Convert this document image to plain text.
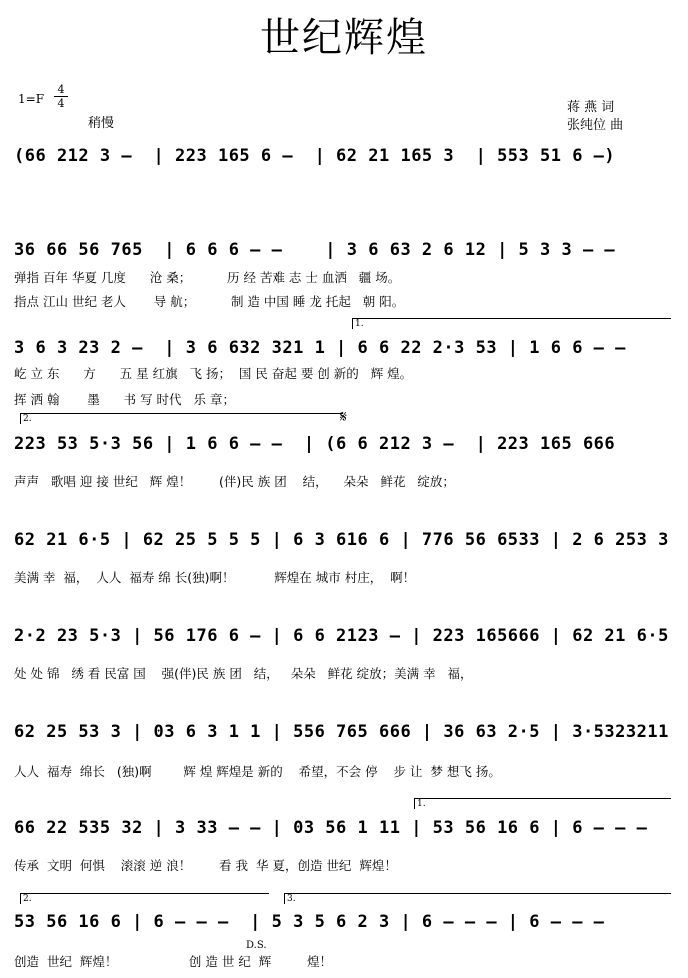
世纪辉煌
1=F
4
4
稍慢
蒋 燕 词
张纯位 曲
(66 212 3 –  | 223 165 6 –  | 62 21 165 3  | 553 51 6 –)
36 66 56 765  | 6 6 6 – –    | 3 6 63 2 6 12 | 5 3 3 – –
弹指 百年 华夏 几度      沧 桑；         历 经 苦难 志 士 血洒   疆 场。
指点 江山 世纪 老人       导 航；         制 造 中国 睡 龙 托起   朝 阳。
1.
3 6 3 23 2 –  | 3 6 632 321 1 | 6 6 22 2·3 53 | 1 6 6 – –
屹 立 东      方      五 星 红旗   飞 扬；  国 民 奋起 要 创 新的   辉 煌。
挥 洒 翰       墨      书 写 时代   乐 章；
2.	𝄋
223 53 5·3 56 | 1 6 6 – –  | (6 6 212 3 –  | 223 165 666
声声   歌唱 迎 接 世纪   辉 煌！       (伴)民 族 团    结，    朵朵   鲜花   绽放；
62 21 6·5 | 62 25 5 5 5 | 6 3 616 6 | 776 56 6533 | 2 6 253 3
美满 幸  福，  人人  福寿 绵 长(独)啊！          辉煌在 城市 村庄，  啊！
2·2 23 5·3 | 56 176 6 – | 6 6 2123 – | 223 165666 | 62 21 6·5
处 处 锦   绣 看 民富 国    强(伴)民 族 团   结，   朵朵   鲜花 绽放；美满 幸   福，
62 25 53 3 | 03 6 3 1 1 | 556 765 666 | 36 63 2·5 | 3·5323211
人人  福寿  绵长   (独)啊        辉 煌 辉煌是 新的    希望，不会 停    步 让  梦 想飞 扬。
1.
66 22 535 32 | 3 33 – – | 03 56 1 11 | 53 56 16 6 | 6 – – –
传承  文明  何惧    滚滚 逆 浪！       看 我  华 夏，创造 世纪  辉煌！
2.	3.
53 56 16 6 | 6 – – –  | 5 3 5 6 2 3 | 6 – – – | 6 – – –
D.S.
创造  世纪  辉煌！                  创 造 世 纪  辉         煌！
